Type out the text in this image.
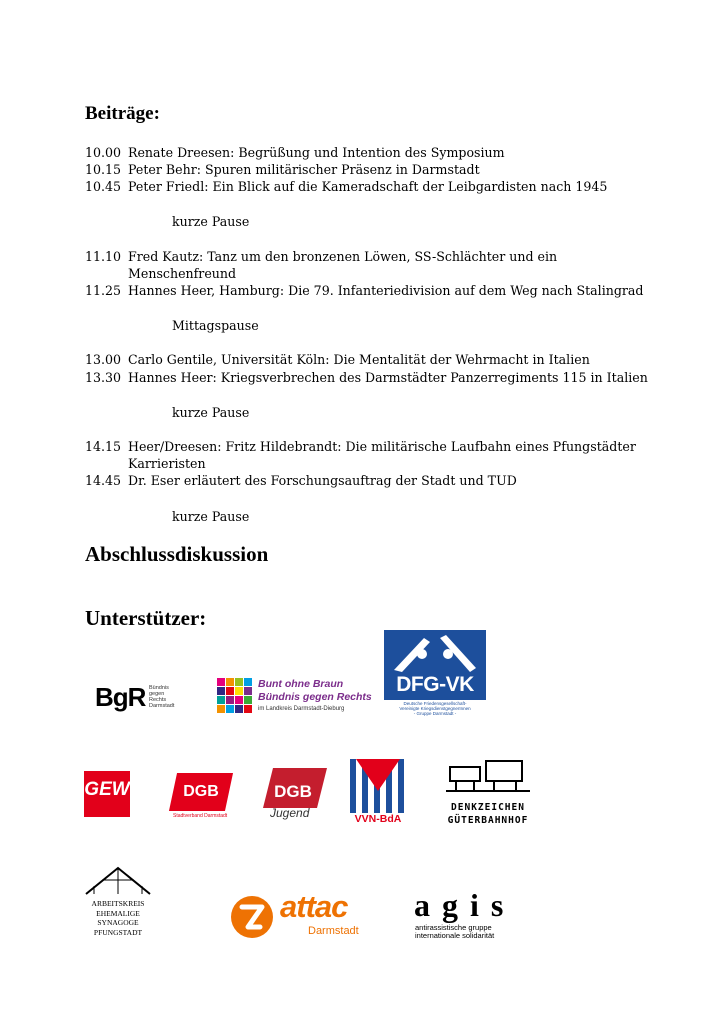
Beiträge:
10.00 Renate Dreesen: Begrüßung und Intention des Symposium
10.15 Peter Behr: Spuren militärischer Präsenz in Darmstadt
10.45 Peter Friedl: Ein Blick auf die Kameradschaft der Leibgardisten nach 1945
kurze Pause
11.10 Fred Kautz: Tanz um den bronzenen Löwen, SS-Schlächter und ein
Menschenfreund
11.25 Hannes Heer, Hamburg: Die 79. Infanteriedivision auf dem Weg nach Stalingrad
Mittagspause
13.00 Carlo Gentile, Universität Köln: Die Mentalität der Wehrmacht in Italien
13.30 Hannes Heer: Kriegsverbrechen des Darmstädter Panzerregiments 115 in Italien
kurze Pause
14.15 Heer/Dreesen: Fritz Hildebrandt: Die militärische Laufbahn eines Pfungstädter
Karrieristen
14.45 Dr. Eser erläutert des Forschungsauftrag der Stadt und TUD
kurze Pause
Abschlussdiskussion
Unterstützer:
BgR Bündnis
gegen
Rechts
Darmstadt
Bunt ohne Braun
Bündnis gegen Rechts
im Landkreis Darmstadt-Dieburg
DFG-VK
Deutsche Friedensgesellschaft-
Vereinigte KriegsdienstgegnerInnen
- Gruppe Darmstadt -
GEW	DGB
Stadtverband Darmstadt
DGB
Jugend	VVN-BdA
DENKZEICHEN
GÜTERBAHNHOF
ARBEITSKREIS
EHEMALIGE
SYNAGOGE
PFUNGSTADT
attac
Darmstadt
agis
antirassistische gruppe
internationale solidarität
